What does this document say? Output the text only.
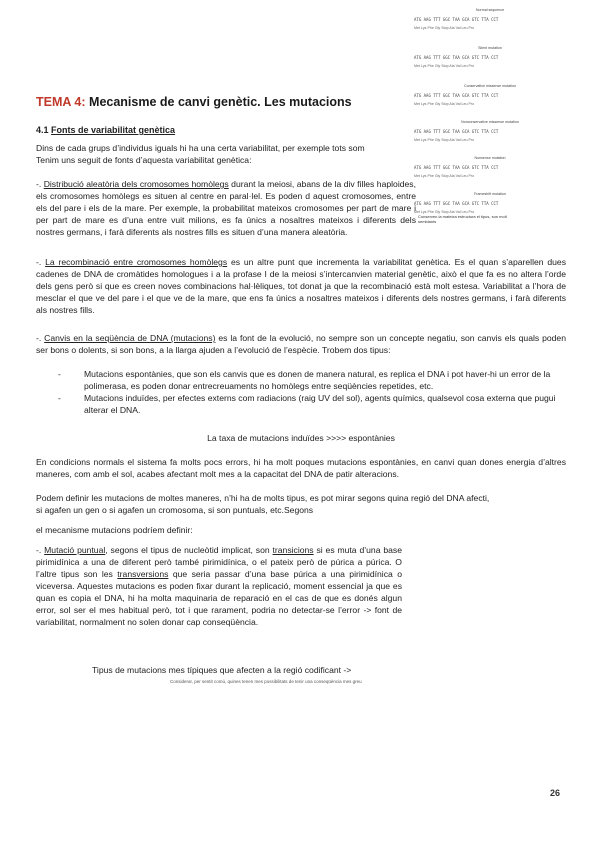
TEMA 4: Mecanisme de canvi genètic. Les mutacions
4.1 Fonts de variabilitat genètica
Dins de cada grups d’individus iguals hi ha una certa variabilitat, per exemple tots som
Tenim uns seguit de fonts d’aquesta variabilitat genètica:
-. Distribució aleatòria dels cromosomes homòlegs durant la meiosi, abans de la div filles haploides, els cromosomes homòlegs es situen al centre en paral·lel. Es poden d aquest cromosomes, entre els del pare i els de la mare. Per exemple, la probabilitat mateixos cromosomes per part de mare i per part de mare es d’una entre vuit milions, es fa únics a nosaltres mateixos i diferents dels nostres germans, i farà diferents als nostres fills es situen d’una manera aleatòria.
-. La recombinació entre cromosomes homòlegs es un altre punt que incrementa la variabilitat genètica. Es el quan s’aparellen dues cadenes de DNA de cromàtides homologues i a la profase I de la meiosi s’intercanvien material genètic, això el que fa es no altera l’orde dels gens però si que es creen noves combinacions hal·lèliques, tot donat ja que la recombinació està molt estesa. Variabilitat a l’hora de mesclar el que ve del pare i el que ve de la mare, que ens fa únics a nosaltres mateixos i diferents dels nostres germans, i farà diferents als nostres fills.
-. Canvis en la seqüència de DNA (mutacions) es la font de la evolució, no sempre son un concepte negatiu, son canvis els quals poden ser bons o dolents, si son bons, a la llarga ajuden a l’evolució de l’espècie. Trobem dos tipus:
-	Mutacions espontànies, que son els canvis que es donen de manera natural, es replica el DNA i pot haver-hi un error de la polimerasa, es poden donar entrecreuaments no homòlegs entre seqüències repetides, etc.
-	Mutacions induïdes, per efectes externs com radiacions (raig UV del sol), agents químics, qualsevol cosa externa que pugui alterar el DNA.
La taxa de mutacions induïdes >>>> espontànies
En condicions normals el sistema fa molts pocs errors, hi ha molt poques mutacions espontànies, en canvi quan dones energia d’altres maneres, com amb el sol, acabes afectant molt mes a la capacitat del DNA de patir alteracions.
Podem definir les mutacions de moltes maneres, n’hi ha de molts tipus, es pot mirar segons quina regió del DNA afecti,
si agafen un gen o si agafen un cromosoma, si son puntuals, etc.Segons
el mecanisme mutacions podríem definir:
-. Mutació puntual, segons el tipus de nucleòtid implicat, son transicions si es muta d’una base pirimidínica a una de diferent però també pirimidínica, o el pateix però de púrica a púrica. O l’altre tipus son les transversions que seria passar d’una base púrica a una pirimidínica o viceversa. Aquestes mutacions es poden fixar durant la replicació, moment essencial ja que es quan es copia el DNA, hi ha molta maquinaria de reparació en el cas de que es donés algun error, sol ser el mes habitual però, tot i que rarament, podria no detectar-se l’error -> font de variabilitat, normalment no solen donar cap conseqüència.
Tipus de mutacions mes típiques que afecten a la regió codificant ->
Considerar, per sentit comú, quines tenen mes possibilitats de tenir una conseqüència mes greu
26
Normal sequence
ATG AAG TTT GGC TAA GCA GTC TTA CCT
Met Lys Phe Gly Stop Ala Val Leu Pro
Silent mutation
ATG AAG TTT GGC TAA GCA GTC TTA CCT
Met Lys Phe Gly Stop Ala Val Leu Pro
Conservative missense mutation
ATG AAG TTT GGC TAA GCA GTC TTA CCT
Met Lys Phe Gly Stop Ala Val Leu Pro
Nonconservative missense mutation
ATG AAG TTT GGC TAA GCA GTC TTA CCT
Met Lys Phe Gly Stop Ala Val Leu Pro
Nonsense mutation
ATG AAG TTT GGC TAA GCA GTC TTA CCT
Met Lys Phe Gly Stop Ala Val Leu Pro
Frameshift mutation
ATG AAG TTT GGC TAA GCA GTC TTA CCT
Met Lys Phe Gly Stop Ala Val Leu Pro
Conserven la mateixa estructura el tipus, son molt semblants
